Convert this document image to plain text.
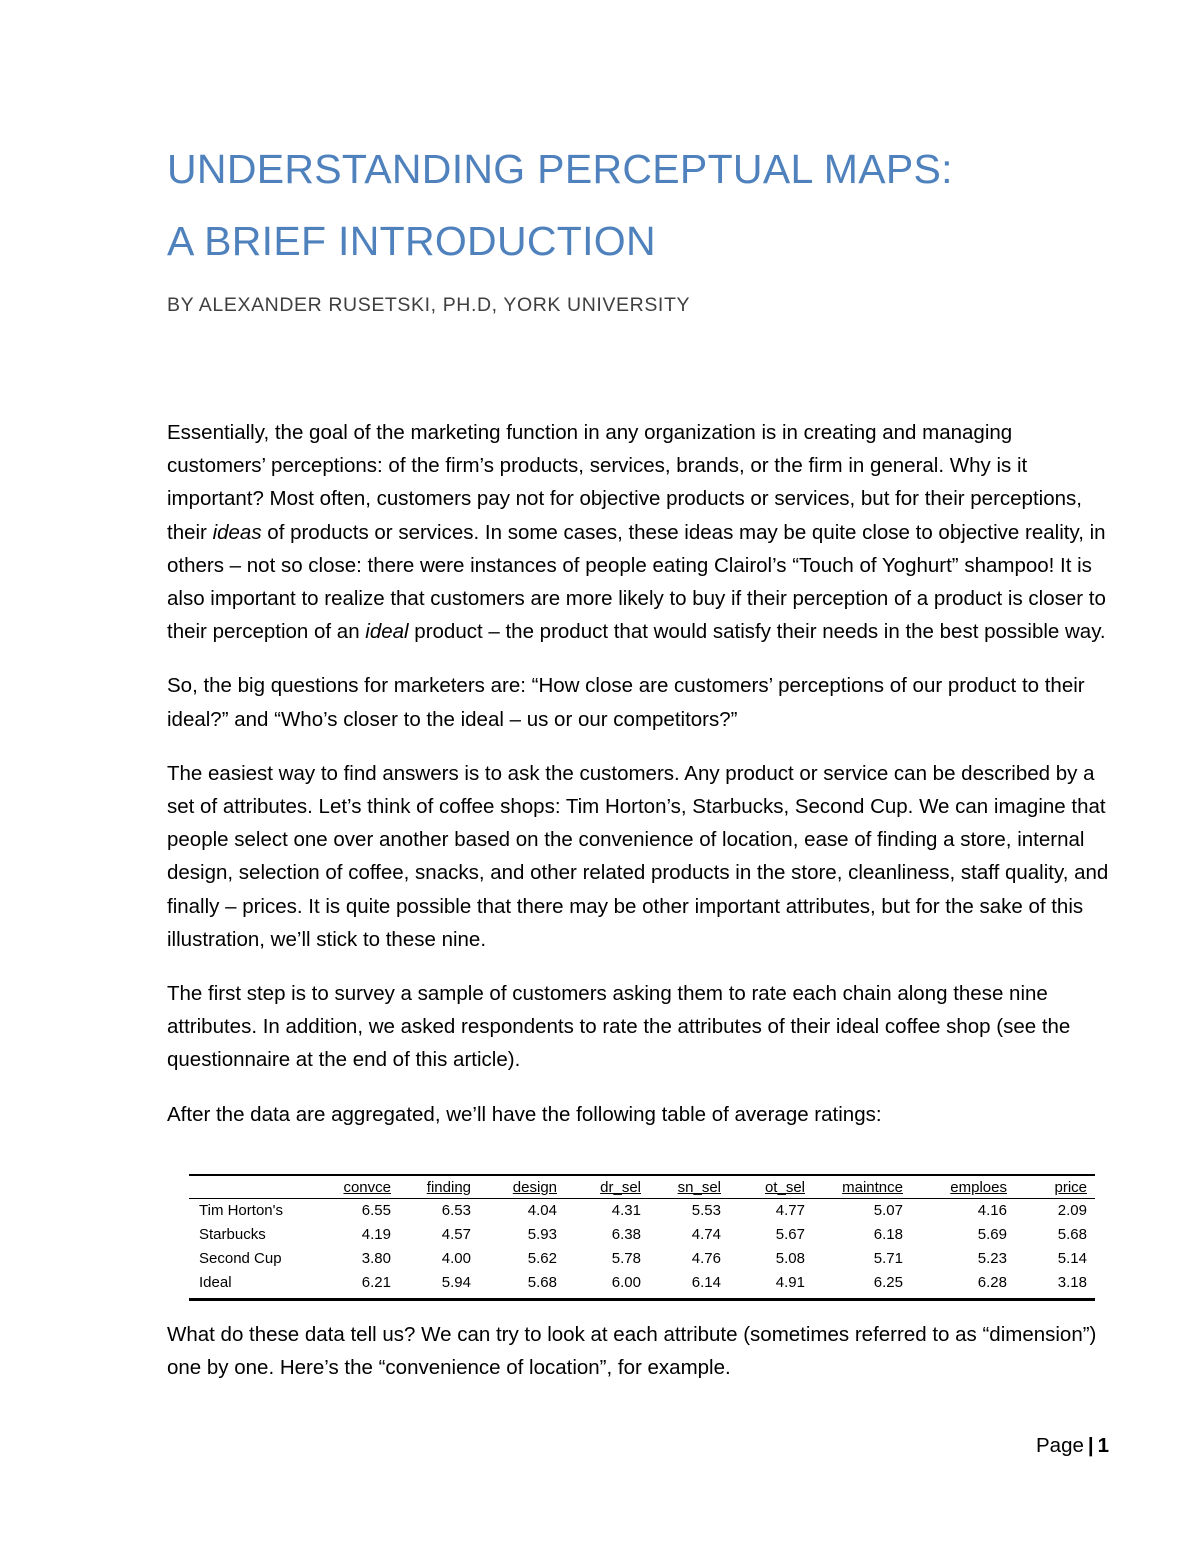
UNDERSTANDING PERCEPTUAL MAPS:
A BRIEF INTRODUCTION
BY ALEXANDER RUSETSKI, PH.D, YORK UNIVERSITY

Essentially, the goal of the marketing function in any organization is in creating and managing customers’ perceptions: of the firm’s products, services, brands, or the firm in general. Why is it important? Most often, customers pay not for objective products or services, but for their perceptions, their ideas of products or services. In some cases, these ideas may be quite close to objective reality, in others – not so close: there were instances of people eating Clairol’s “Touch of Yoghurt” shampoo! It is also important to realize that customers are more likely to buy if their perception of a product is closer to their perception of an ideal product – the product that would satisfy their needs in the best possible way.

So, the big questions for marketers are: “How close are customers’ perceptions of our product to their ideal?” and “Who’s closer to the ideal – us or our competitors?”

The easiest way to find answers is to ask the customers. Any product or service can be described by a set of attributes. Let’s think of coffee shops: Tim Horton’s, Starbucks, Second Cup. We can imagine that people select one over another based on the convenience of location, ease of finding a store, internal design, selection of coffee, snacks, and other related products in the store, cleanliness, staff quality, and finally – prices. It is quite possible that there may be other important attributes, but for the sake of this illustration, we’ll stick to these nine.

The first step is to survey a sample of customers asking them to rate each chain along these nine attributes. In addition, we asked respondents to rate the attributes of their ideal coffee shop (see the questionnaire at the end of this article).

After the data are aggregated, we’ll have the following table of average ratings:

	convce	finding	design	dr_sel	sn_sel	ot_sel	maintnce	emploes	price
Tim Horton's	6.55	6.53	4.04	4.31	5.53	4.77	5.07	4.16	2.09
Starbucks	4.19	4.57	5.93	6.38	4.74	5.67	6.18	5.69	5.68
Second Cup	3.80	4.00	5.62	5.78	4.76	5.08	5.71	5.23	5.14
Ideal	6.21	5.94	5.68	6.00	6.14	4.91	6.25	6.28	3.18

What do these data tell us? We can try to look at each attribute (sometimes referred to as “dimension”) one by one. Here’s the “convenience of location”, for example.

Page | 1
